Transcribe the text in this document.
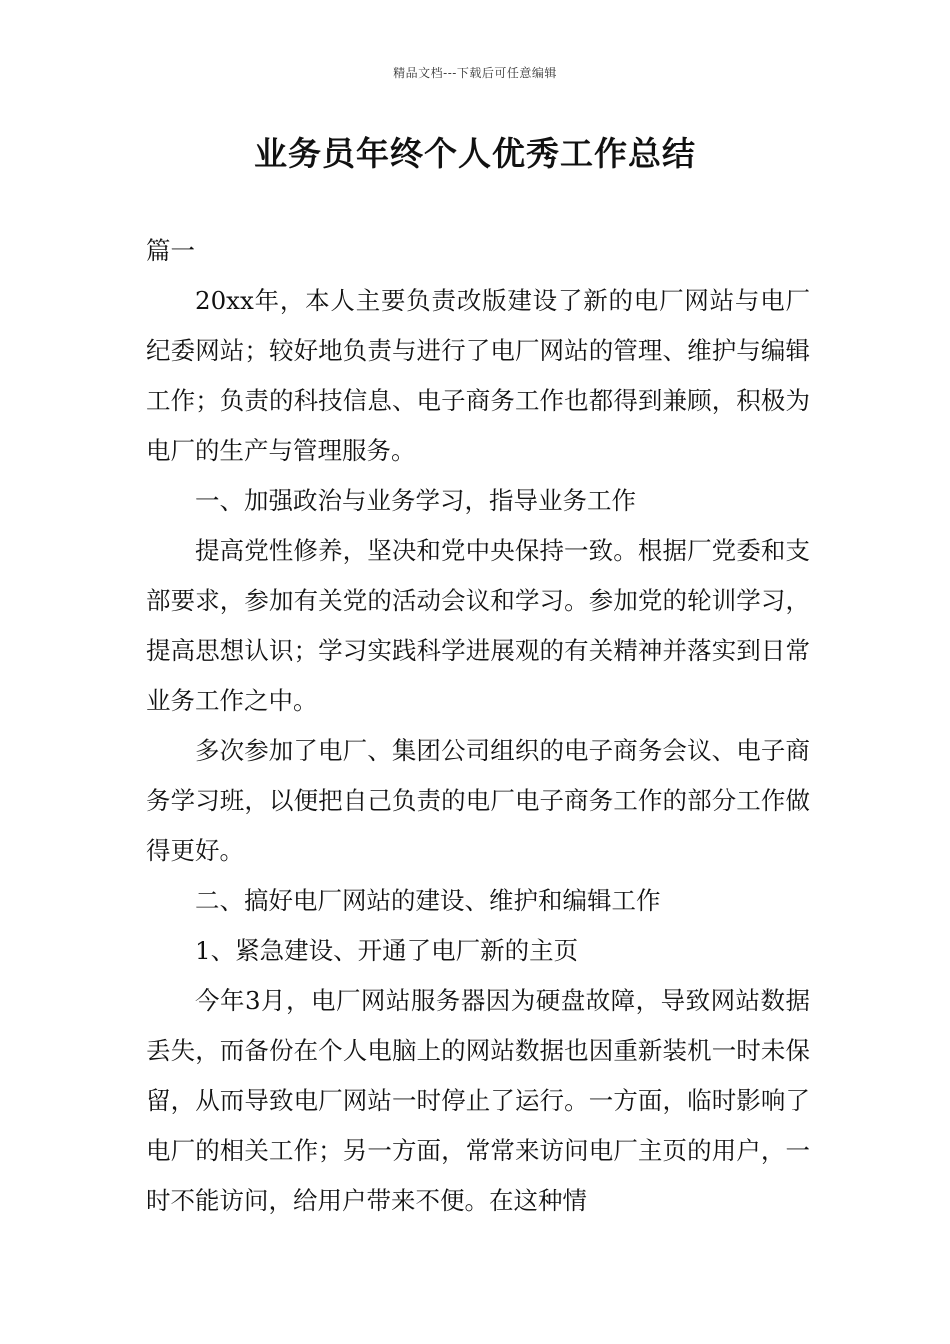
精品文档---下载后可任意编辑
业务员年终个人优秀工作总结

篇一

20xx年，本人主要负责改版建设了新的电厂网站与电厂纪委网站；较好地负责与进行了电厂网站的管理、维护与编辑工作；负责的科技信息、电子商务工作也都得到兼顾，积极为电厂的生产与管理服务。

一、加强政治与业务学习，指导业务工作

提高党性修养，坚决和党中央保持一致。根据厂党委和支部要求，参加有关党的活动会议和学习。参加党的轮训学习，提高思想认识；学习实践科学进展观的有关精神并落实到日常业务工作之中。

多次参加了电厂、集团公司组织的电子商务会议、电子商务学习班，以便把自己负责的电厂电子商务工作的部分工作做得更好。

二、搞好电厂网站的建设、维护和编辑工作

1、紧急建设、开通了电厂新的主页

今年3月，电厂网站服务器因为硬盘故障，导致网站数据丢失，而备份在个人电脑上的网站数据也因重新装机一时未保留，从而导致电厂网站一时停止了运行。一方面，临时影响了电厂的相关工作；另一方面，常常来访问电厂主页的用户，一时不能访问，给用户带来不便。在这种情
